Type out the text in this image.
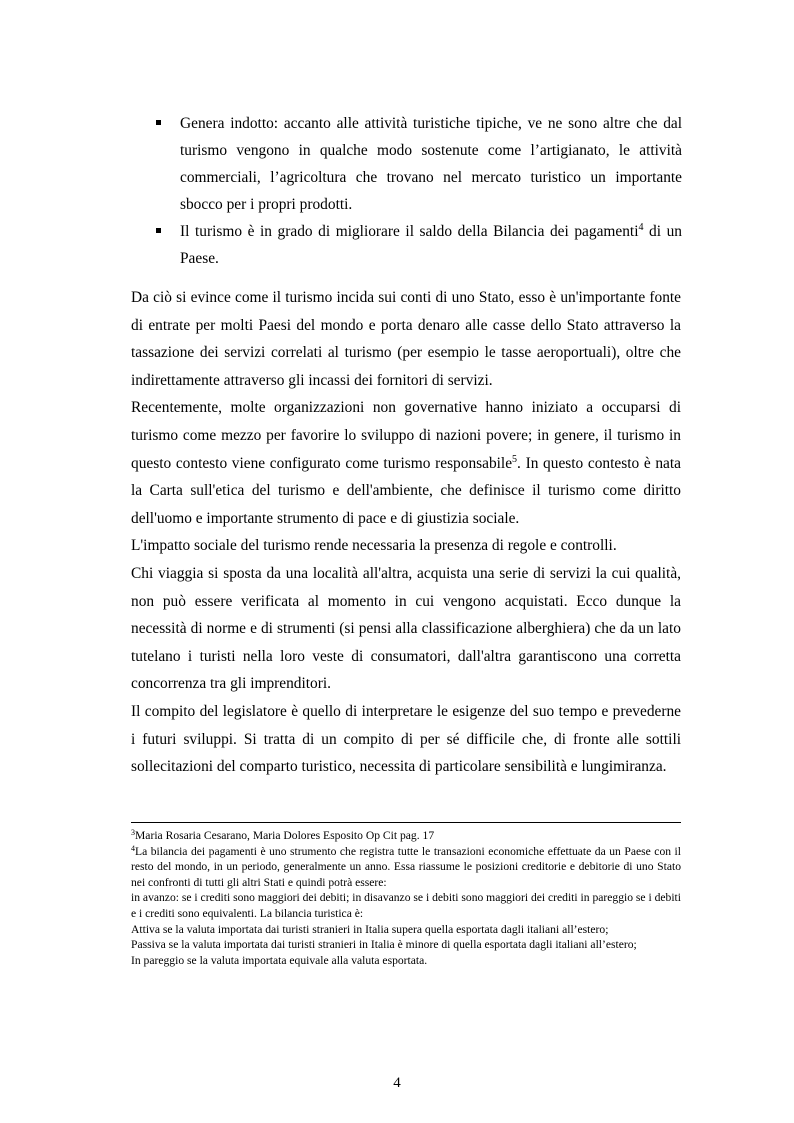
Genera indotto: accanto alle attività turistiche tipiche, ve ne sono altre che dal turismo vengono in qualche modo sostenute come l’artigianato, le attività commerciali, l’agricoltura che trovano nel mercato turistico un importante sbocco per i propri prodotti.
Il turismo è in grado di migliorare il saldo della Bilancia dei pagamenti$^4$ di un Paese.

Da ciò si evince come il turismo incida sui conti di uno Stato, esso è un'importante fonte di entrate per molti Paesi del mondo e porta denaro alle casse dello Stato attraverso la tassazione dei servizi correlati al turismo (per esempio le tasse aeroportuali), oltre che indirettamente attraverso gli incassi dei fornitori di servizi.

Recentemente, molte organizzazioni non governative hanno iniziato a occuparsi di turismo come mezzo per favorire lo sviluppo di nazioni povere; in genere, il turismo in questo contesto viene configurato come turismo responsabile$^5$. In questo contesto è nata la Carta sull'etica del turismo e dell'ambiente, che definisce il turismo come diritto dell'uomo e importante strumento di pace e di giustizia sociale.

L'impatto sociale del turismo rende necessaria la presenza di regole e controlli.

Chi viaggia si sposta da una località all'altra, acquista una serie di servizi la cui qualità, non può essere verificata al momento in cui vengono acquistati. Ecco dunque la necessità di norme e di strumenti (si pensi alla classificazione alberghiera) che da un lato tutelano i turisti nella loro veste di consumatori, dall'altra garantiscono una corretta concorrenza tra gli imprenditori.

Il compito del legislatore è quello di interpretare le esigenze del suo tempo e prevederne i futuri sviluppi. Si tratta di un compito di per sé difficile che, di fronte alle sottili sollecitazioni del comparto turistico, necessita di particolare sensibilità e lungimiranza.

$^3$Maria Rosaria Cesarano, Maria Dolores Esposito Op Cit pag. 17

$^4$La bilancia dei pagamenti è uno strumento che registra tutte le transazioni economiche effettuate da un Paese con il resto del mondo, in un periodo, generalmente un anno. Essa riassume le posizioni creditorie e debitorie di uno Stato nei confronti di tutti gli altri Stati e quindi potrà essere:

in avanzo: se i crediti sono maggiori dei debiti; in disavanzo se i debiti sono maggiori dei crediti in pareggio se i debiti e i crediti sono equivalenti. La bilancia turistica è:

Attiva se la valuta importata dai turisti stranieri in Italia supera quella esportata dagli italiani all’estero;

Passiva se la valuta importata dai turisti stranieri in Italia è minore di quella esportata dagli italiani all’estero;

In pareggio se la valuta importata equivale alla valuta esportata.

4
